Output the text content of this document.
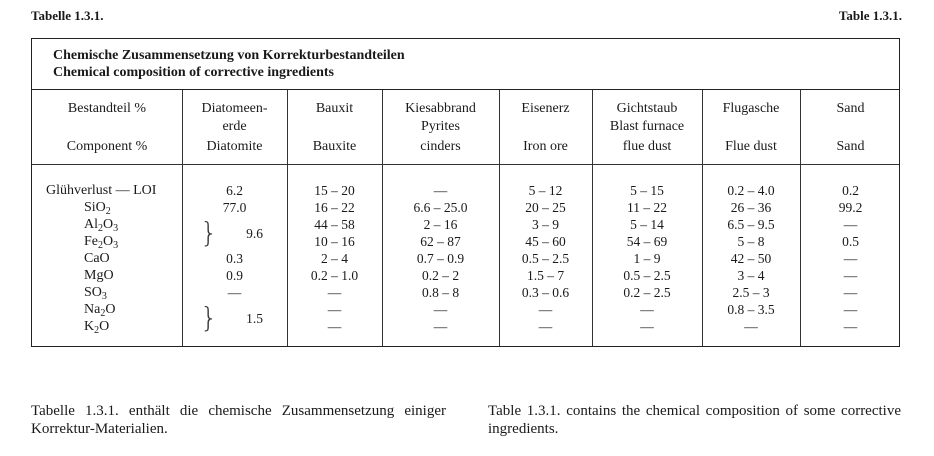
Tabelle 1.3.1.	Table 1.3.1.
Chemische Zusammensetzung von Korrekturbestandteilen
Chemical composition of corrective ingredients
Bestandteil %
Component %
Diatomeen-
erde
Diatomite
Bauxit
Bauxite
Kiesabbrand
Pyrites
cinders
Eisenerz
Iron ore
Gichtstaub
Blast furnace
flue dust
Flugasche
Flue dust
Sand
Sand
Glühverlust — LOI
SiO$_2$
$Al_2O_3$
$Fe_2O_3$
CaO
MgO
$SO_3$
$Na_2O$
$K_2O$
}
}
6.2
77.0
9.6
0.3
0.9
—
1.5
15 – 20
16 – 22
44 – 58
10 – 16
2 – 4
0.2 – 1.0
—
—
—
—
6.6 – 25.0
2 – 16
62 – 87
0.7 – 0.9
0.2 – 2
0.8 – 8
—
—
5 – 12
20 – 25
3 – 9
45 – 60
0.5 – 2.5
1.5 – 7
0.3 – 0.6
—
—
5 – 15
11 – 22
5 – 14
54 – 69
1 – 9
0.5 – 2.5
0.2 – 2.5
—
—
0.2 – 4.0
26 – 36
6.5 – 9.5
5 – 8
42 – 50
3 – 4
2.5 – 3
0.8 – 3.5
—
0.2
99.2
—
0.5
—
—
—
—
—
Tabelle 1.3.1. enthält die chemische Zusammensetzung einiger Korrektur-Materialien.
Table 1.3.1. contains the chemical composition of some corrective ingredients.
